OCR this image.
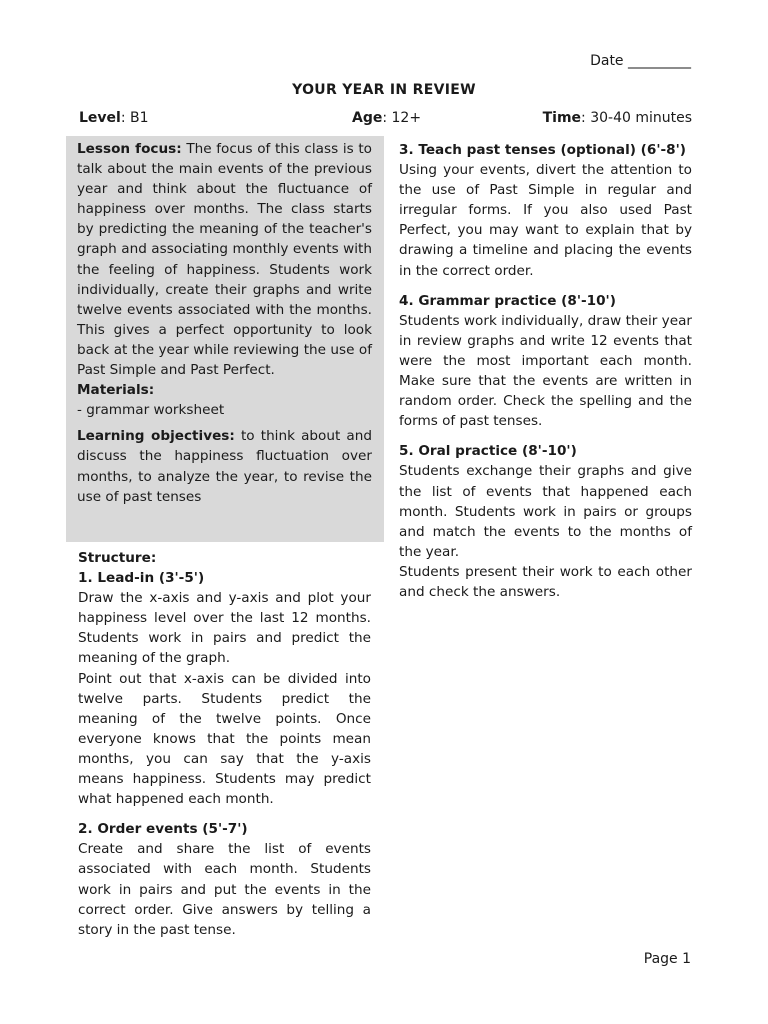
Date _________
YOUR YEAR IN REVIEW
Level: B1	Age: 12+	Time: 30-40 minutes

Lesson focus: The focus of this class is to talk about the main events of the previous year and think about the fluctuance of happiness over months. The class starts by predicting the meaning of the teacher's graph and associating monthly events with the feeling of happiness. Students work individually, create their graphs and write twelve events associated with the months. This gives a perfect opportunity to look back at the year while reviewing the use of Past Simple and Past Perfect.

Materials:

- grammar worksheet

Learning objectives: to think about and discuss the happiness fluctuation over months, to analyze the year, to revise the use of past tenses

Structure:

1. Lead-in (3'-5')

Draw the x-axis and y-axis and plot your happiness level over the last 12 months. Students work in pairs and predict the meaning of the graph.

Point out that x-axis can be divided into twelve parts. Students predict the meaning of the twelve points. Once everyone knows that the points mean months, you can say that the y-axis means happiness. Students may predict what happened each month.

2. Order events (5'-7')

Create and share the list of events associated with each month. Students work in pairs and put the events in the correct order. Give answers by telling a story in the past tense.

3. Teach past tenses (optional) (6'-8')

Using your events, divert the attention to the use of Past Simple in regular and irregular forms. If you also used Past Perfect, you may want to explain that by drawing a timeline and placing the events in the correct order.

4. Grammar practice (8'-10')

Students work individually, draw their year in review graphs and write 12 events that were the most important each month. Make sure that the events are written in random order. Check the spelling and the forms of past tenses.

5. Oral practice (8'-10')

Students exchange their graphs and give the list of events that happened each month. Students work in pairs or groups and match the events to the months of the year.

Students present their work to each other and check the answers.

Page 1
